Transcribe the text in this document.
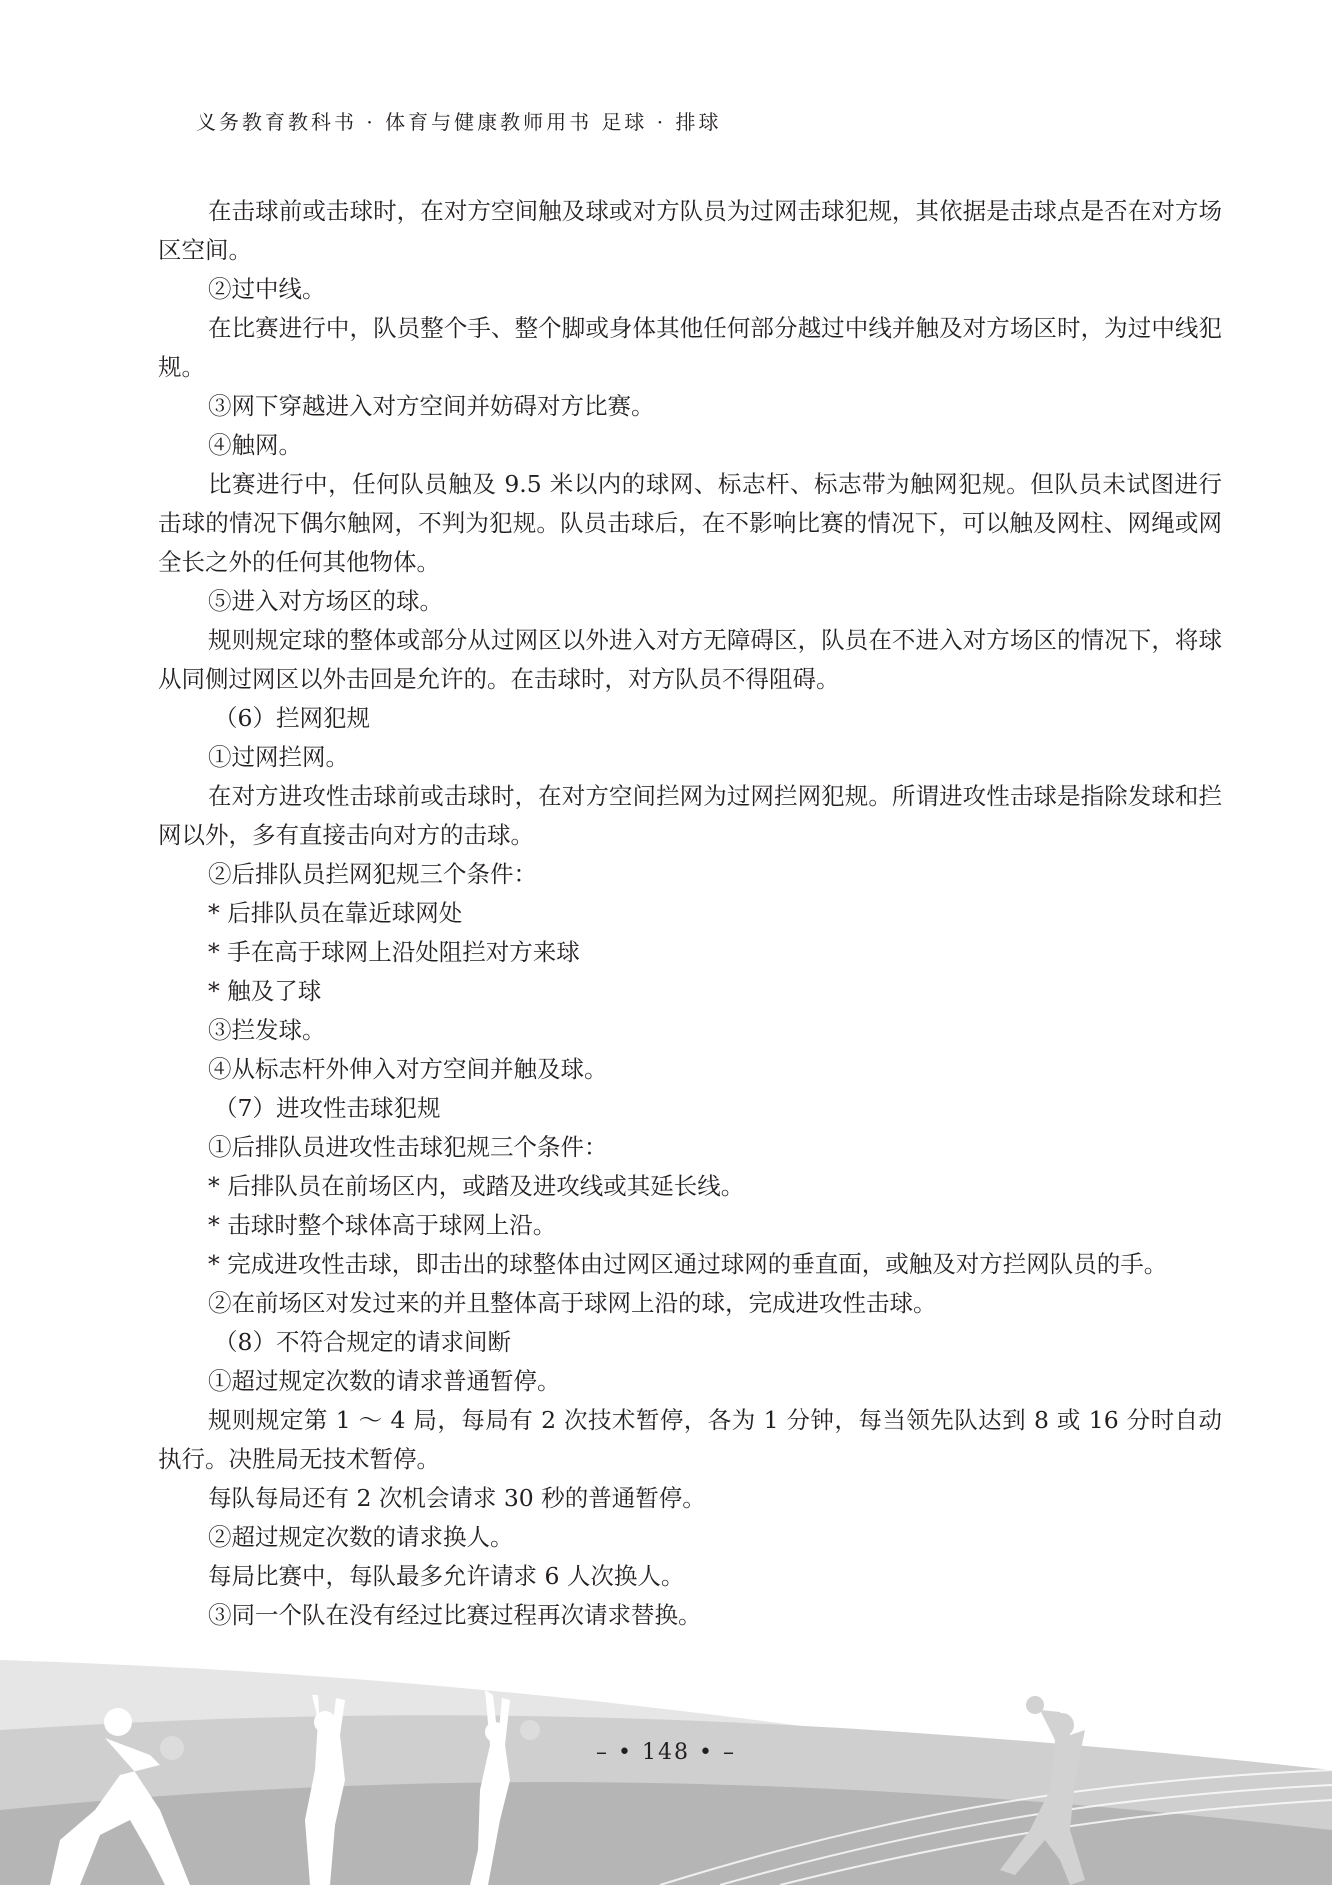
义务教育教科书 · 体育与健康教师用书 足球 · 排球

在击球前或击球时，在对方空间触及球或对方队员为过网击球犯规，其依据是击球点是否在对方场区空间。

②过中线。

在比赛进行中，队员整个手、整个脚或身体其他任何部分越过中线并触及对方场区时，为过中线犯规。

③网下穿越进入对方空间并妨碍对方比赛。

④触网。

比赛进行中，任何队员触及 9.5 米以内的球网、标志杆、标志带为触网犯规。但队员未试图进行击球的情况下偶尔触网，不判为犯规。队员击球后，在不影响比赛的情况下，可以触及网柱、网绳或网全长之外的任何其他物体。

⑤进入对方场区的球。

规则规定球的整体或部分从过网区以外进入对方无障碍区，队员在不进入对方场区的情况下，将球从同侧过网区以外击回是允许的。在击球时，对方队员不得阻碍。

（6）拦网犯规

①过网拦网。

在对方进攻性击球前或击球时，在对方空间拦网为过网拦网犯规。所谓进攻性击球是指除发球和拦网以外，多有直接击向对方的击球。

②后排队员拦网犯规三个条件：

* 后排队员在靠近球网处

* 手在高于球网上沿处阻拦对方来球

* 触及了球

③拦发球。

④从标志杆外伸入对方空间并触及球。

（7）进攻性击球犯规

①后排队员进攻性击球犯规三个条件：

* 后排队员在前场区内，或踏及进攻线或其延长线。

* 击球时整个球体高于球网上沿。

* 完成进攻性击球，即击出的球整体由过网区通过球网的垂直面，或触及对方拦网队员的手。

②在前场区对发过来的并且整体高于球网上沿的球，完成进攻性击球。

（8）不符合规定的请求间断

①超过规定次数的请求普通暂停。

规则规定第 1 ～ 4 局，每局有 2 次技术暂停，各为 1 分钟，每当领先队达到 8 或 16 分时自动执行。决胜局无技术暂停。

每队每局还有 2 次机会请求 30 秒的普通暂停。

②超过规定次数的请求换人。

每局比赛中，每队最多允许请求 6 人次换人。

③同一个队在没有经过比赛过程再次请求替换。

– • 148 • –
